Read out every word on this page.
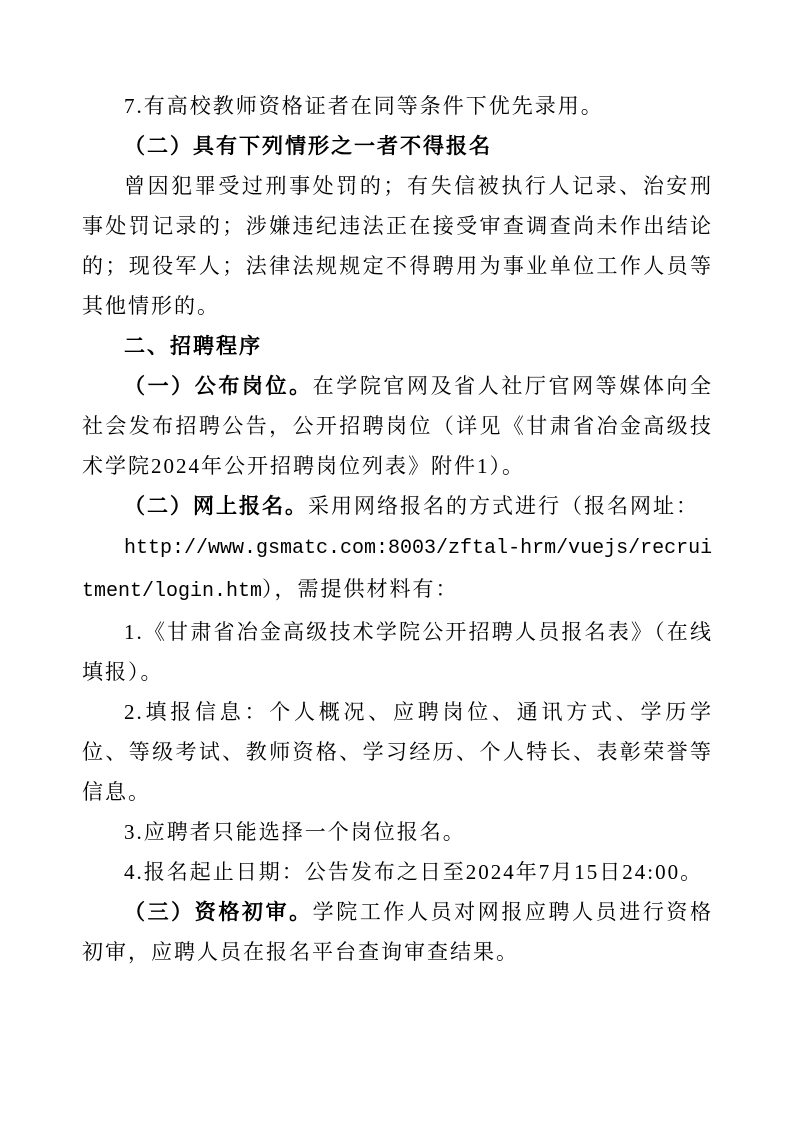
7.有高校教师资格证者在同等条件下优先录用。

（二）具有下列情形之一者不得报名

曾因犯罪受过刑事处罚的；有失信被执行人记录、治安刑事处罚记录的；涉嫌违纪违法正在接受审查调查尚未作出结论的；现役军人；法律法规规定不得聘用为事业单位工作人员等其他情形的。

二、招聘程序

（一）公布岗位。在学院官网及省人社厅官网等媒体向全社会发布招聘公告，公开招聘岗位（详见《甘肃省冶金高级技术学院2024年公开招聘岗位列表》附件1）。

（二）网上报名。采用网络报名的方式进行（报名网址：

http://www.gsmatc.com:8003/zftal-hrm/vuejs/recruitment/login.htm），需提供材料有：

1.《甘肃省冶金高级技术学院公开招聘人员报名表》（在线填报）。

2.填报信息：个人概况、应聘岗位、通讯方式、学历学位、等级考试、教师资格、学习经历、个人特长、表彰荣誉等信息。

3.应聘者只能选择一个岗位报名。

4.报名起止日期：公告发布之日至2024年7月15日24:00。

（三）资格初审。学院工作人员对网报应聘人员进行资格初审，应聘人员在报名平台查询审查结果。
